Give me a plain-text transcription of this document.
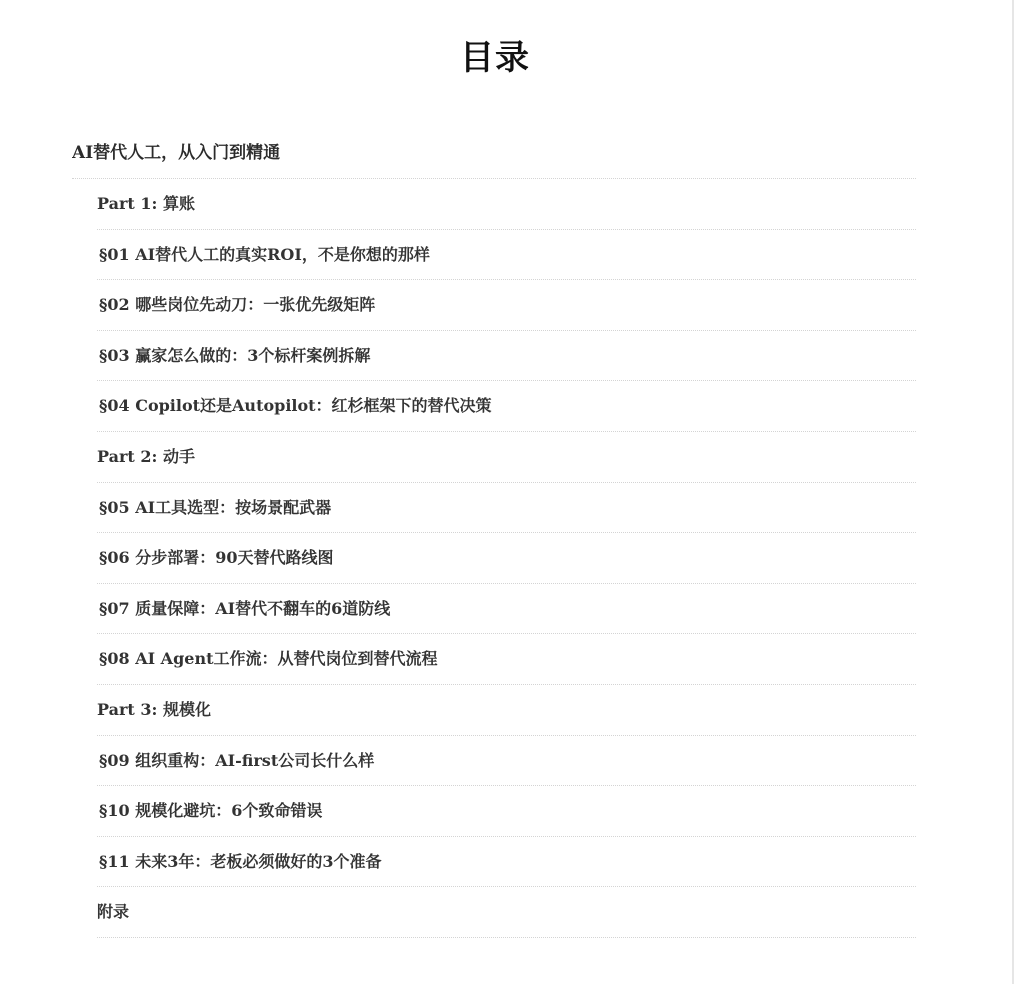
目录
AI替代人工，从入门到精通
Part 1: 算账
§01 AI替代人工的真实ROI，不是你想的那样
§02 哪些岗位先动刀：一张优先级矩阵
§03 赢家怎么做的：3个标杆案例拆解
§04 Copilot还是Autopilot：红杉框架下的替代决策
Part 2: 动手
§05 AI工具选型：按场景配武器
§06 分步部署：90天替代路线图
§07 质量保障：AI替代不翻车的6道防线
§08 AI Agent工作流：从替代岗位到替代流程
Part 3: 规模化
§09 组织重构：AI-first公司长什么样
§10 规模化避坑：6个致命错误
§11 未来3年：老板必须做好的3个准备
附录
